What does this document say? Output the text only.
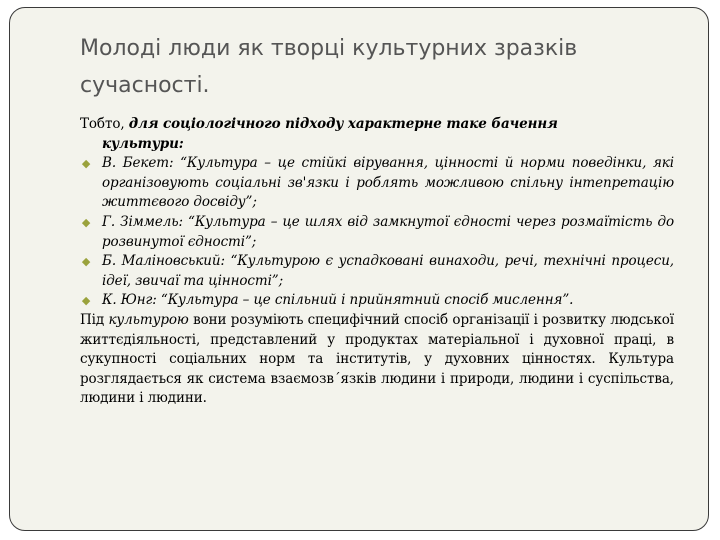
Молоді люди як творці культурних зразків сучасності.

Тобто, для соціологічного підходу характерне таке бачення

культури:

◆ В. Бекет: “Культура – це стійкі вірування, цінності й норми поведінки, які організовують соціальні зв'язки і роблять можливою спільну інтепретацію життєвого досвіду”;

◆ Г. Зіммель: “Культура – це шлях від замкнутої єдності через розмаїтість до розвинутої єдності”;

◆ Б. Маліновський: “Культурою є успадковані винаходи, речі, технічні процеси, ідеї, звичаї та цінності”;

◆ К. Юнг: “Культура – це спільний і прийнятний спосіб мислення”.

Під культурою вони розуміють специфічний спосіб організації і розвитку людської життєдіяльності, представлений у продуктах матеріальної і духовної праці, в сукупності соціальних норм та інститутів, у духовних цінностях. Культура розглядається як система взаємозв´язків людини і природи, людини і суспільства, людини і людини.
